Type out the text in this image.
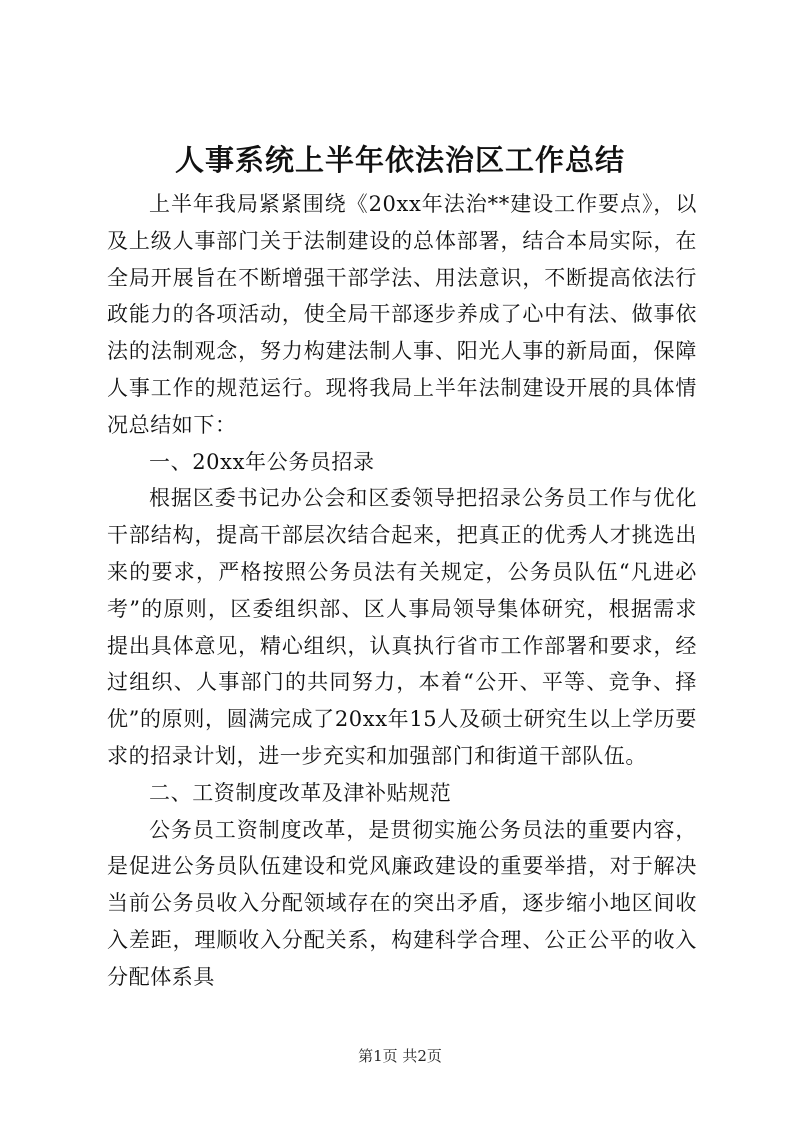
人事系统上半年依法治区工作总结

上半年我局紧紧围绕《20xx年法治**建设工作要点》，以及上级人事部门关于法制建设的总体部署，结合本局实际，在全局开展旨在不断增强干部学法、用法意识，不断提高依法行政能力的各项活动，使全局干部逐步养成了心中有法、做事依法的法制观念，努力构建法制人事、阳光人事的新局面，保障人事工作的规范运行。现将我局上半年法制建设开展的具体情况总结如下：

一、20xx年公务员招录

根据区委书记办公会和区委领导把招录公务员工作与优化干部结构，提高干部层次结合起来，把真正的优秀人才挑选出来的要求，严格按照公务员法有关规定，公务员队伍“凡进必考”的原则，区委组织部、区人事局领导集体研究，根据需求提出具体意见，精心组织，认真执行省市工作部署和要求，经过组织、人事部门的共同努力，本着“公开、平等、竞争、择优”的原则，圆满完成了20xx年15人及硕士研究生以上学历要求的招录计划，进一步充实和加强部门和街道干部队伍。

二、工资制度改革及津补贴规范

公务员工资制度改革，是贯彻实施公务员法的重要内容，是促进公务员队伍建设和党风廉政建设的重要举措，对于解决当前公务员收入分配领域存在的突出矛盾，逐步缩小地区间收入差距，理顺收入分配关系，构建科学合理、公正公平的收入分配体系具

第1页 共2页
